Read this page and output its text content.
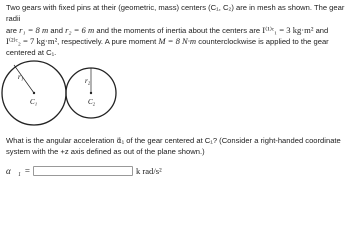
Two gears with fixed pins at their (geometric, mass) centers (C₁, C₂) are in mesh as shown. The gear radii
are r₁ = 8 m and r₂ = 6 m and the moments of inertia about the centers are I⁽¹⁾ᶜ₁ = 3 kg·m² and
I⁽²⁾ᶜ₂ = 7 kg·m², respectively. A pure moment M = 8 N·m counterclockwise is applied to the gear
centered at C₁.
r₁
C₁
r₂
C₂
What is the angular acceleration α⃗₁ of the gear centered at C₁? (Consider a right-handed coordinate system with the +z axis defined as out of the plane shown.)
α⃗₁ =	k rad/s²
